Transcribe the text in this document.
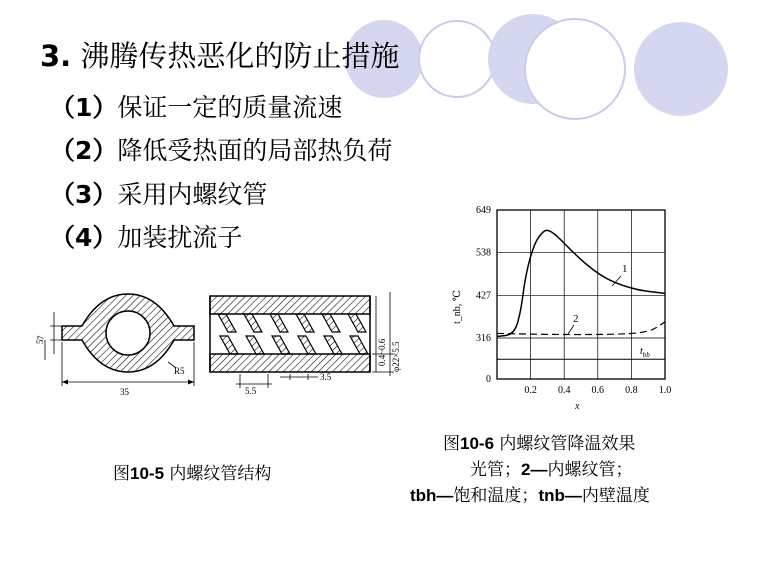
3. 沸腾传热恶化的防止措施
（1）保证一定的质量流速
（2）降低受热面的局部热负荷
（3）采用内螺纹管
（4）加装扰流子
7
5
R5
35	5.5
3.5
0.4~0.6 φ22×5.5
图10-5 内螺纹管结构
649
538
427
316
0
0.2 0.4 0.6 0.8 1.0
t_nb, ℃
x
1
2
$t_{bb}$
图10-6 内螺纹管降温效果
光管；2—内螺纹管；
tbh—饱和温度；tnb—内壁温度
